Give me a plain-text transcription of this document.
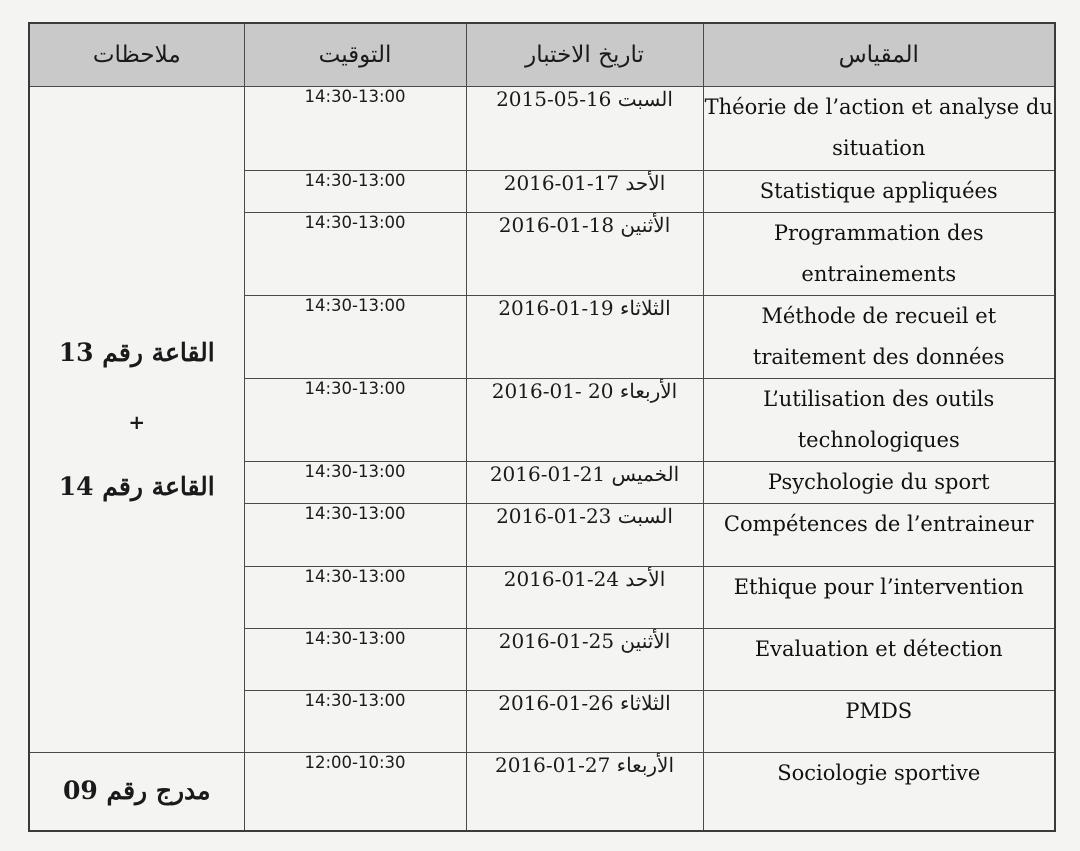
ملاحظات	التوقيت	تاريخ الاختبار	المقياس

القاعة رقم 13
+
القاعة رقم 14	14:30-13:00	السبت 16-05-2015	Théorie de l’action et analyse du situation
	14:30-13:00	الأحد 17-01-2016	Statistique appliquées
	14:30-13:00	الأثنين 18-01-2016	Programmation des entrainements
	14:30-13:00	الثلاثاء 19-01-2016	Méthode de recueil et traitement des données
	14:30-13:00	الأربعاء 20 -01-2016	L’utilisation des outils technologiques
	14:30-13:00	الخميس 21-01-2016	Psychologie du sport
	14:30-13:00	السبت 23-01-2016	Compétences de l’entraineur
	14:30-13:00	الأحد 24-01-2016	Ethique pour l’intervention
	14:30-13:00	الأثنين 25-01-2016	Evaluation et détection
	14:30-13:00	الثلاثاء 26-01-2016	PMDS

مدرج رقم 09	12:00-10:30	الأربعاء 27-01-2016	Sociologie sportive
